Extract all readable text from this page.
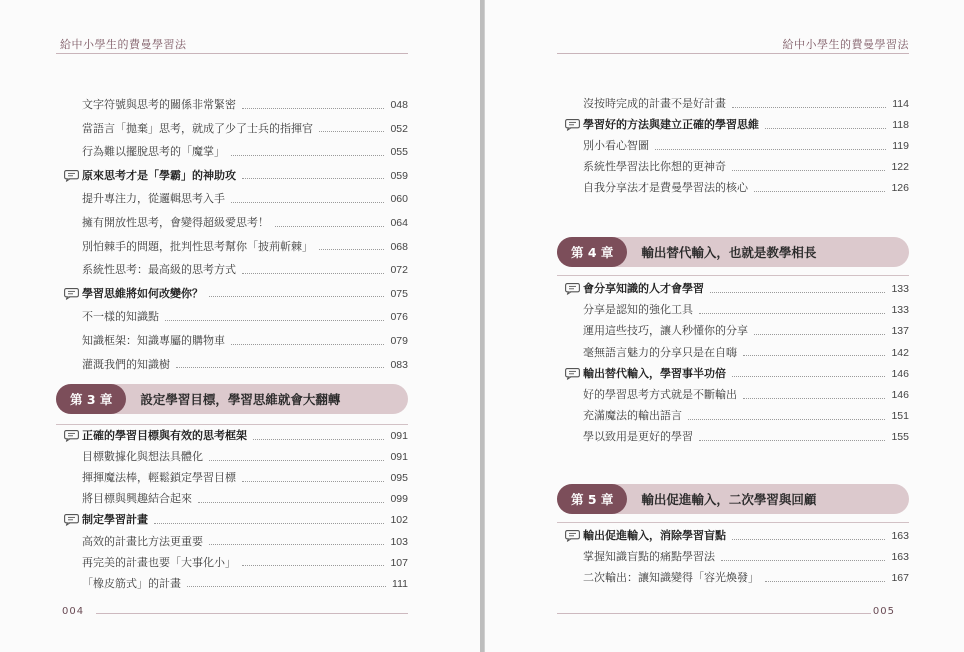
給中小學生的費曼學習法
文字符號與思考的關係非常緊密	048
當語言「拋棄」思考，就成了少了士兵的指揮官	052
行為難以擺脫思考的「魔掌」	055
原來思考才是「學霸」的神助攻	059
提升專注力，從邏輯思考入手	060
擁有開放性思考，會變得超級愛思考！	064
別怕棘手的問題，批判性思考幫你「披荊斬棘」	068
系統性思考：最高級的思考方式	072
學習思維將如何改變你？	075
不一樣的知識點	076
知識框架：知識專屬的購物車	079
灌溉我們的知識樹	083
第 3 章	設定學習目標，學習思維就會大翻轉
正確的學習目標與有效的思考框架	091
目標數據化與想法具體化	091
揮揮魔法棒，輕鬆鎖定學習目標	095
將目標與興趣結合起來	099
制定學習計畫	102
高效的計畫比方法更重要	103
再完美的計畫也要「大事化小」	107
「橡皮筋式」的計畫	111
004
給中小學生的費曼學習法
沒按時完成的計畫不是好計畫	114
學習好的方法與建立正確的學習思維	118
別小看心智圖	119
系統性學習法比你想的更神奇	122
自我分享法才是費曼學習法的核心	126
第 4 章	輸出替代輸入，也就是教學相長
會分享知識的人才會學習	133
分享是認知的強化工具	133
運用這些技巧，讓人秒懂你的分享	137
毫無語言魅力的分享只是在自嗨	142
輸出替代輸入，學習事半功倍	146
好的學習思考方式就是不斷輸出	146
充滿魔法的輸出語言	151
學以致用是更好的學習	155
第 5 章	輸出促進輸入，二次學習與回顧
輸出促進輸入，消除學習盲點	163
掌握知識盲點的痛點學習法	163
二次輸出：讓知識變得「容光煥發」	167
005
